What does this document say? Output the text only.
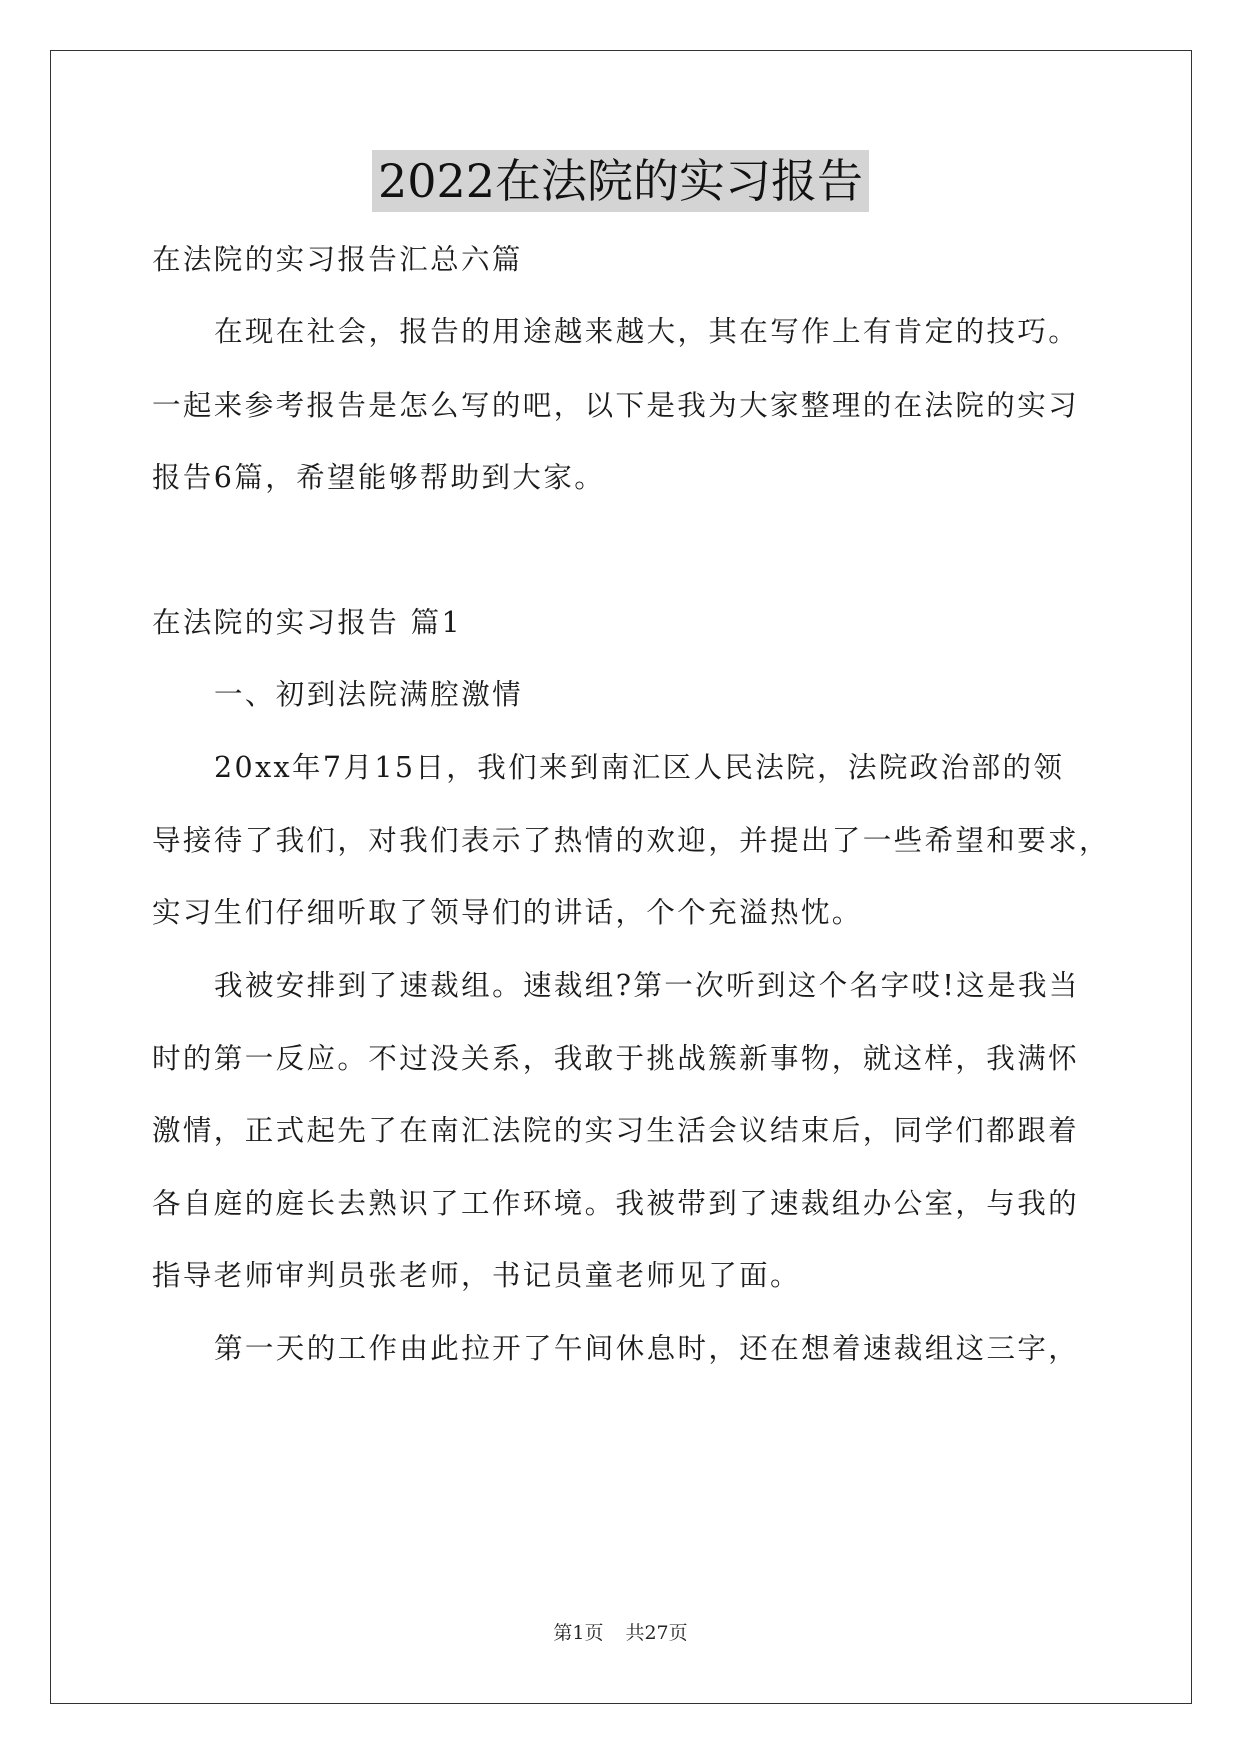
2022在法院的实习报告
在法院的实习报告汇总六篇
在现在社会，报告的用途越来越大，其在写作上有肯定的技巧。
一起来参考报告是怎么写的吧，以下是我为大家整理的在法院的实习
报告6篇，希望能够帮助到大家。
在法院的实习报告 篇1
一、初到法院满腔激情
20xx年7月15日，我们来到南汇区人民法院，法院政治部的领
导接待了我们，对我们表示了热情的欢迎，并提出了一些希望和要求，
实习生们仔细听取了领导们的讲话，个个充溢热忱。
我被安排到了速裁组。速裁组?第一次听到这个名字哎!这是我当
时的第一反应。不过没关系，我敢于挑战簇新事物，就这样，我满怀
激情，正式起先了在南汇法院的实习生活会议结束后，同学们都跟着
各自庭的庭长去熟识了工作环境。我被带到了速裁组办公室，与我的
指导老师审判员张老师，书记员童老师见了面。
第一天的工作由此拉开了午间休息时，还在想着速裁组这三字，
第1页 共27页
